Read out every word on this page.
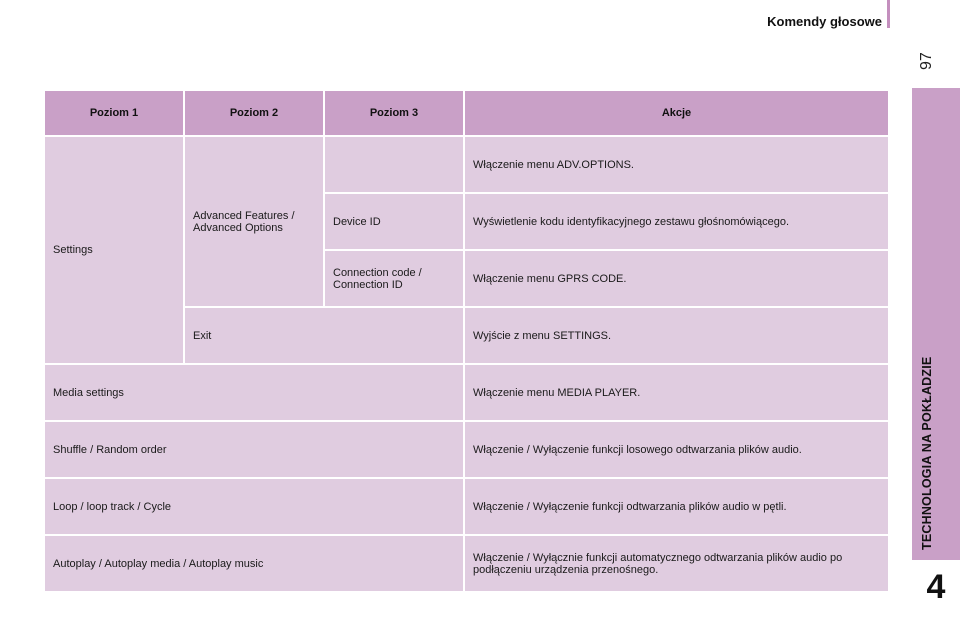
Komendy głosowe
97
TECHNOLOGIA NA POKŁADZIE
4
Poziom 1	Poziom 2	Poziom 3	Akcje
Settings	Advanced Features / Advanced Options		Włączenie menu ADV.OPTIONS.
		Device ID	Wyświetlenie kodu identyfikacyjnego zestawu głośnomówiącego.
		Connection code / Connection ID	Włączenie menu GPRS CODE.
	Exit		Wyjście z menu SETTINGS.
Media settings			Włączenie menu MEDIA PLAYER.
Shuffle / Random order			Włączenie / Wyłączenie funkcji losowego odtwarzania plików audio.
Loop / loop track / Cycle			Włączenie / Wyłączenie funkcji odtwarzania plików audio w pętli.
Autoplay / Autoplay media / Autoplay music			Włączenie / Wyłącznie funkcji automatycznego odtwarzania plików audio po podłączeniu urządzenia przenośnego.
